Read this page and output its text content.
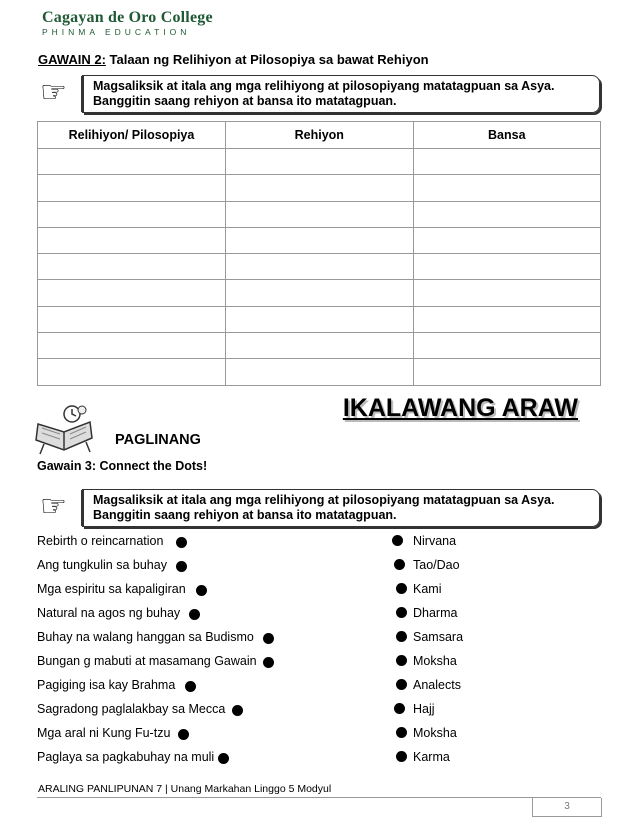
Cagayan de Oro College
PHINMA EDUCATION
GAWAIN 2: Talaan ng Relihiyon at Pilosopiya sa bawat Rehiyon
☞	Magsaliksik at itala ang mga relihiyong at pilosopiyang matatagpuan sa Asya.
Banggitin saang rehiyon at bansa ito matatagpuan.
Relihiyon/ Pilosopiya	Rehiyon	Bansa

IKALAWANG ARAW
PAGLINANG
Gawain 3: Connect the Dots!
☞	Magsaliksik at itala ang mga relihiyong at pilosopiyang matatagpuan sa Asya.
Banggitin saang rehiyon at bansa ito matatagpuan.
Rebirth o reincarnation
Ang tungkulin sa buhay
Mga espiritu sa kapaligiran
Natural na agos ng buhay
Buhay na walang hanggan sa Budismo
Bungan g mabuti at masamang Gawain
Pagiging isa kay Brahma
Sagradong paglalakbay sa Mecca
Mga aral ni Kung Fu-tzu
Paglaya sa pagkabuhay na muli
Nirvana
Tao/Dao
Kami
Dharma
Samsara
Moksha
Analects
Hajj
Moksha
Karma
ARALING PANLIPUNAN 7 | Unang Markahan Linggo 5 Modyul
3
